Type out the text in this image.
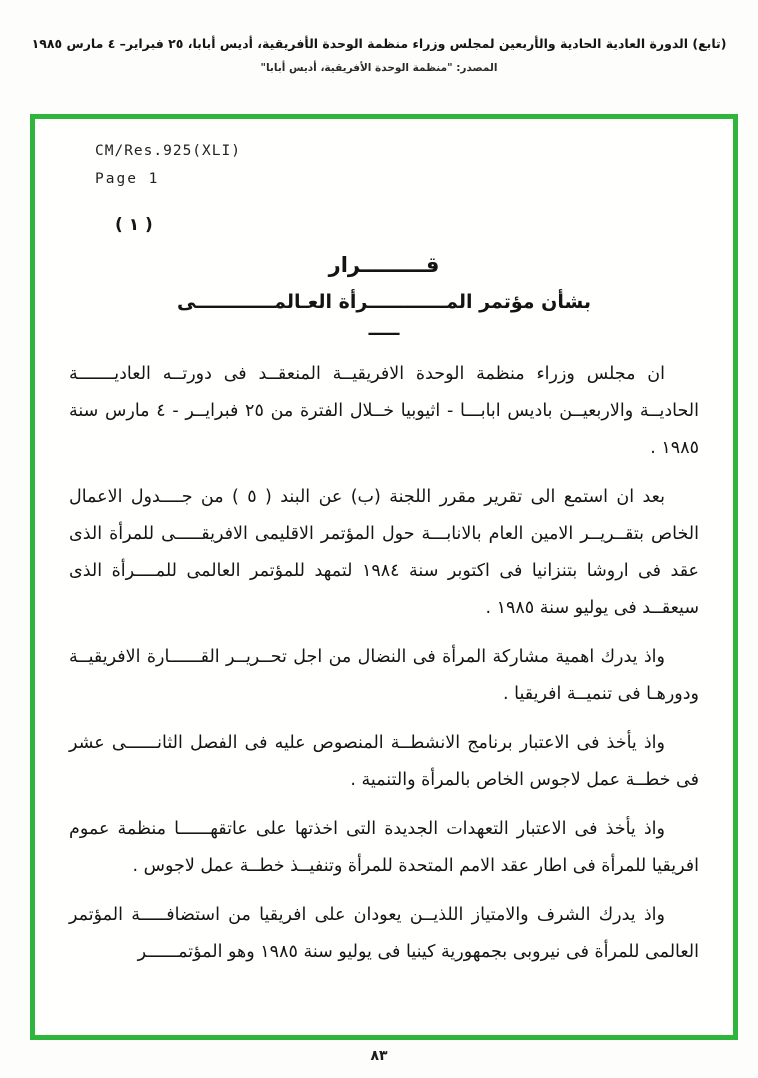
(تابع) الدورة العادية الحادية والأربعين لمجلس وزراء منظمة الوحدة الأفريقية، أديس أبابا، ٢٥ فبراير– ٤ مارس ١٩٨٥
المصدر: "منظمة الوحدة الأفريقية، أديس أبابا"
CM/Res.925(XLI)
Page 1
( ١ )
قـــــــــرار
بشأن مؤتمر المــــــــــــرأة العـالمــــــــــــى
ـــــ

ان مجلس وزراء منظمة الوحدة الافريقيــة المنعقــد فى دورتــه العاديـــــــة الحاديــة والاربعيــن باديس ابابـــا - اثيوبيا خــلال الفترة من ٢٥ فبرايــر - ٤ مارس سنة ١٩٨٥ .

بعد ان استمع الى تقرير مقرر اللجنة (ب) عن البند ( ٥ ) من جــــدول الاعمال الخاص بتقــريــر الامين العام بالانابـــة حول المؤتمر الاقليمى الافريقـــــى للمرأة الذى عقد فى اروشا بتنزانيا فى اكتوبر سنة ١٩٨٤ لتمهد للمؤتمر العالمى للمــــرأة الذى سيعقــد فى يوليو سنة ١٩٨٥ .

واذ يدرك اهمية مشاركة المرأة فى النضال من اجل تحــريــر القــــــارة الافريقيــة ودورهـا فى تنميــة افريقيا .

واذ يأخذ فى الاعتبار برنامج الانشطــة المنصوص عليه فى الفصل الثانــــــى عشر فى خطــة عمل لاجوس الخاص بالمرأة والتنمية .

واذ يأخذ فى الاعتبار التعهدات الجديدة التى اخذتها على عاتقهــــــا منظمة عموم افريقيا للمرأة فى اطار عقد الامم المتحدة للمرأة وتنفيــذ خطــة عمل لاجوس .

واذ يدرك الشرف والامتياز اللذيــن يعودان على افريقيا من استضافـــــة المؤتمر العالمى للمرأة فى نيروبى بجمهورية كينيا فى يوليو سنة ١٩٨٥ وهو المؤتمــــــر

٨٣
